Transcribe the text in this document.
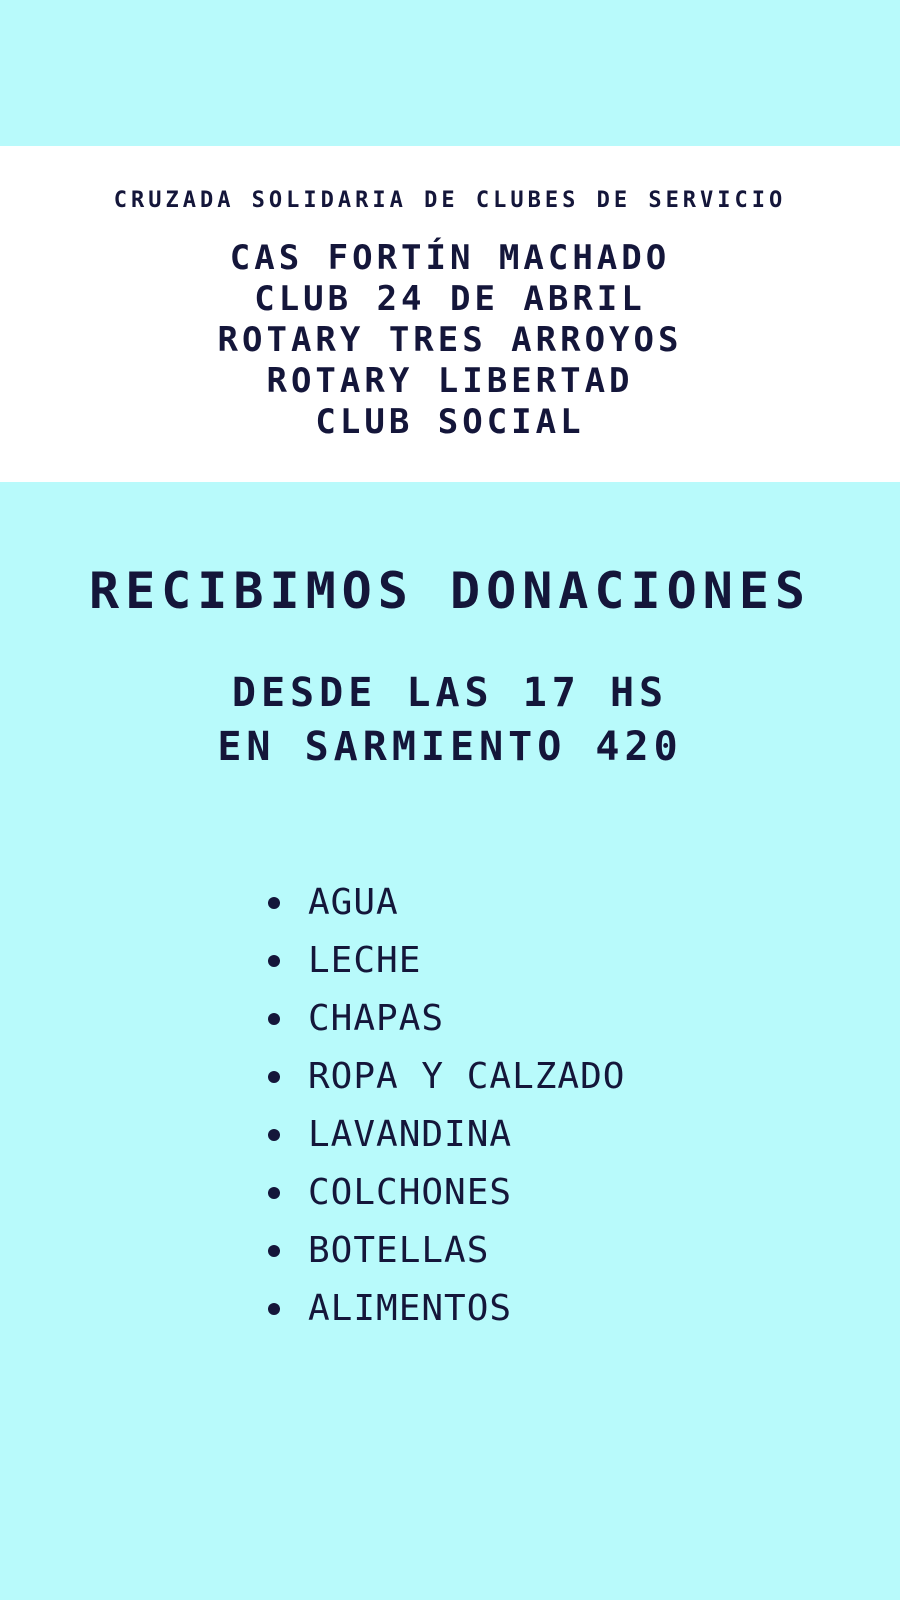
CRUZADA SOLIDARIA DE CLUBES DE SERVICIO
CAS FORTÍN MACHADO
CLUB 24 DE ABRIL
ROTARY TRES ARROYOS
ROTARY LIBERTAD
CLUB SOCIAL
RECIBIMOS DONACIONES
DESDE LAS 17 HS
EN SARMIENTO 420
AGUA
LECHE
CHAPAS
ROPA Y CALZADO
LAVANDINA
COLCHONES
BOTELLAS
ALIMENTOS
